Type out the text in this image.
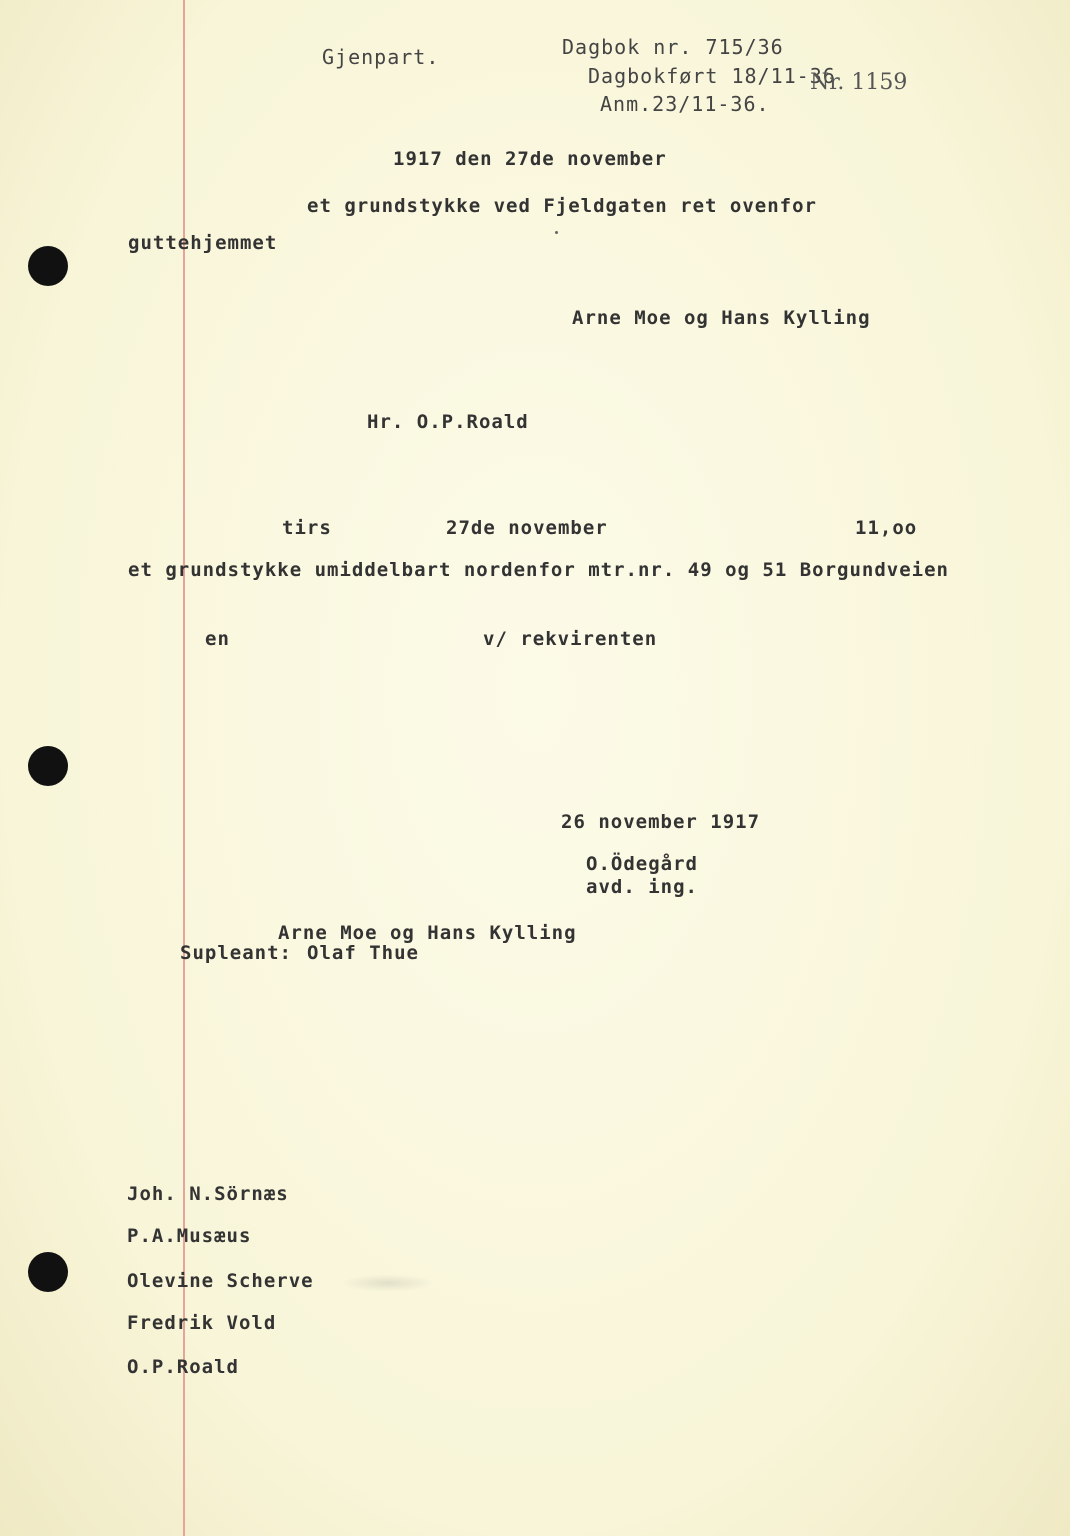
Gjenpart.	Dagbok nr. 715/36
Dagbokført 18/11-36
Nr. 1159
Anm.23/11-36.
1917 den 27de november
et grundstykke ved Fjeldgaten ret ovenfor
guttehjemmet
Arne Moe og Hans Kylling
Hr. O.P.Roald
tirs	27de november	11,oo
et grundstykke umiddelbart nordenfor mtr.nr. 49 og 51 Borgundveien
en	v/ rekvirenten
26 november 1917
O.Ödegård
avd. ing.
Arne Moe og Hans Kylling
Supleant: Olaf Thue
Joh. N.Sörnæs
P.A.Musæus
Olevine Scherve
Fredrik Vold
O.P.Roald
